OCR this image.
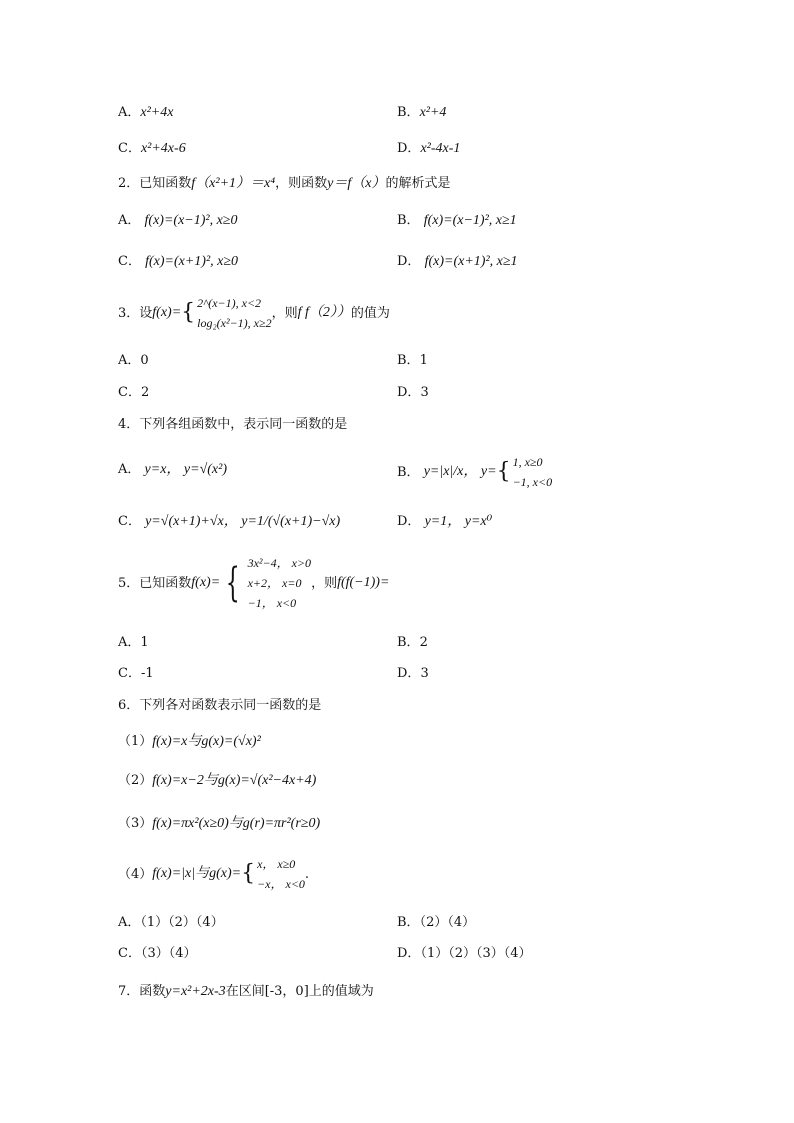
A．x²+4x	B．x²+4
C．x²+4x-6	D．x²-4x-1
2．已知函数f（x²+1）＝x⁴，则函数y＝f（x）的解析式是
A． f(x)=(x−1)², x≥0	B． f(x)=(x−1)², x≥1
C． f(x)=(x+1)², x≥0	D． f(x)=(x+1)², x≥1
3．设 f(x)= { 2^(x−1), x<2
log₂(x²−1), x≥2
，则 f f（2）） 的值为
A．0	B．1
C．2	D．3
4．下列各组函数中，表示同一函数的是
A． y=x， y=√(x²)	B．
y=|x|/x， y= { 1, x≥0
−1, x<0
C． y=√(x+1)+√x， y=1/(√(x+1)−√x)	D． y=1， y=x⁰
5．已知函数 f(x)= { 3x²−4， x>0
x+2， x=0
−1， x<0
，则 f(f(−1))=
A．1	B．2
C．-1	D．3
6．下列各对函数表示同一函数的是
（1）f(x)=x与g(x)=(√x)²
（2）f(x)=x−2与g(x)=√(x²−4x+4)
（3）f(x)=πx²(x≥0)与g(r)=πr²(r≥0)
（4） f(x)=|x|与g(x)= { x， x≥0
−x， x<0
.
A．（1）（2）（4）	B．（2）（4）
C．（3）（4）	D．（1）（2）（3）（4）
7．函数y=x²+2x-3在区间[-3，0]上的值域为
